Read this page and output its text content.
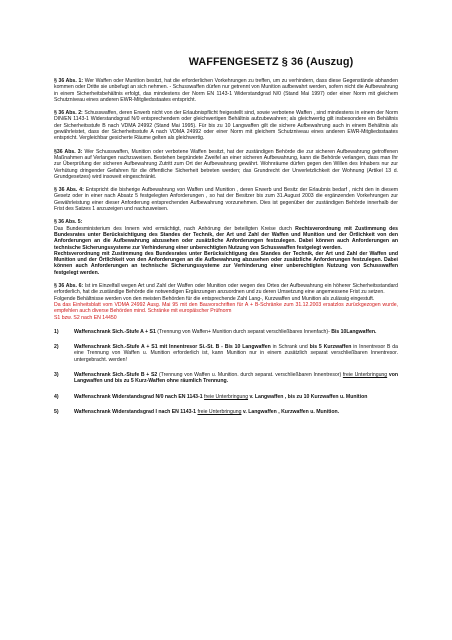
WAFFENGESETZ § 36 (Auszug)

§ 36 Abs. 1: Wer Waffen oder Munition besitzt, hat die erforderlichen Vorkehrungen zu treffen, um zu verhindern, dass diese Gegenstände abhanden kommen oder Dritte sie unbefugt an sich nehmen. - Schusswaffen dürfen nur getrennt von Munition aufbewahrt werden, sofern nicht die Aufbewahrung in einem Sicherheitsbehältnis erfolgt, das mindestens der Norm EN 1143-1 Widerstandgrad N/0 (Stand Mai 1997) oder einer Norm mit gleichem Schutzniveau eines anderen EWR-Mitgliedsstaates entspricht.

§ 36 Abs. 2: Schusswaffen, deren Erwerb nicht von der Erlaubnispflicht freigestellt sind, sowie verbotene Waffen , sind mindestens in einem der Norm DIN/EN 1143-1 Widerstandsgrad N/0 entsprechendem oder gleichwertigen Behältnis aufzubewahren; als gleichwertig gilt insbesondere ein Behältnis der Sicherheitsstufe B nach VDMA 24992 (Stand Mai 1995). Für bis zu 10 Langwaffen gilt die sichere Aufbewahrung auch in einem Behältnis als gewährleistet, dass der Sicherheitsstufe A nach VDMA 24992 oder einer Norm mit gleichem Schutzniveau eines anderen EWR-Mitgliedsstaates entspricht. Vergleichbar gesicherte Räume gelten als gleichwertig.

§36 Abs. 3: Wer Schusswaffen, Munition oder verbotene Waffen besitzt, hat der zuständigen Behörde die zur sicheren Aufbewahrung getroffenen Maßnahmen auf Verlangen nachzuweisen. Bestehen begründete Zweifel an einer sicheren Aufbewahrung, kann die Behörde verlangen, dass man Ihr zur Überprüfung der sicheren Aufbewahrung Zutritt zum Ort der Aufbewahrung gewährt. Wohnräume dürfen gegen den Willen des Inhabers nur zur Verhütung dringender Gefahren für die öffentliche Sicherheit betreten werden; das Grundrecht der Unverletzlichkeit der Wohnung (Artikel 13 d. Grundgesetzes) wird insoweit eingeschränkt.

§ 36 Abs. 4: Entspricht die bisherige Aufbewahrung von Waffen und Munition , deren Erwerb und Besitz der Erlaubnis bedarf , nicht den in diesem Gesetz oder in einer nach Absatz 5 festgelegten Anforderungen , so hat der Besitzer bis zum 31.August 2003 die ergänzenden Vorkehrungen zur Gewährleistung einer dieser Anforderung entsprechenden Aufbewahrung vorzunehmen. Dies ist gegenüber der zuständigen Behörde innerhalb der Frist des Satzes 1 anzuzeigen und nachzuweisen.

§ 36 Abs. 5:
Das Bundesministerium des Innern wird ermächtigt, nach Anhörung der beteiligten Kreise durch Rechtsverordnung mit Zustimmung des Bundesrates unter Berücksichtigung des Standes der Technik, der Art und Zahl der Waffen und Munition und der Örtlichkeit von den Anforderungen an die Aufbewahrung abzusehen oder zusätzliche Anforderungen festzulegen. Dabei können auch Anforderungen an technische Sicherungssysteme zur Verhinderung einer unberechtigten Nutzung von Schusswaffen festgelegt werden.
Rechtsverordnung mit Zustimmung des Bundesrates unter Berücksichtigung des Standes der Technik, der Art und Zahl der Waffen und Munition und der Örtlichkeit von den Anforderungen an die Aufbewahrung abzusehen oder zusätzliche Anforderungen festzulegen. Dabei können auch Anforderungen an technische Sicherungssysteme zur Verhinderung einer unberechtigten Nutzung von Schusswaffen festgelegt werden.

§ 36 Abs. 6: Ist im Einzelfall wegen Art und Zahl der Waffen oder Munition oder wegen des Ortes der Aufbewahrung ein höherer Sicherheitsstandard erforderlich, hat die zuständige Behörde die notwendigen Ergänzungen anzuordnen und zu deren Umsetzung eine angemessene Frist zu setzen.
Folgende Behältnisse werden von den meisten Behörden für die entsprechende Zahl Lang-, Kurzwaffen und Munition als zulässig eingestuft.
Da das Einheitsblatt vom VDMA 24992 Ausg. Mai 95 mit den Bauvorschriften für A + B-Schränke zum 31.12.2003 ersatzlos zurückgezogen wurde, empfehlen auch diverse Behörden mind. Schränke mit europäischer Prüfnorm
S1 bzw. S2 nach EN 14450

1)	Waffenschrank Sich.-Stufe A + S1 (Trennung von Waffen+ Munition durch separat verschließbares Innenfach)- Bis 10Langwaffen.
2)	Waffenschrank Sich.-Stufe A + S1 mit Innentresor Si.-St. B - Bis 10 Langwaffen in Schrank und bis 5 Kurzwaffen in Innentresor B da eine Trennung von Waffen u. Munition erforderlich ist, kann Munition nur in einem zusätzlich separat verschließbaren Innentresor. untergebracht. werden!
3)	Waffenschrank Sich.-Stufe B + S2 (Trennung von Waffen u. Munition. durch separat. verschließbaren Innentresor) freie Unterbringung von Langwaffen und bis zu 5 Kurz-Waffen ohne räumlich Trennung.
4)	Waffenschrank Widerstandsgrad N/0 nach EN 1143-1 freie Unterbringung v. Langwaffen , bis zu 10 Kurzwaffen u. Munition
5)	Waffenschrank Widerstandsgrad I nach EN 1143-1 freie Unterbringung v. Langwaffen , Kurzwaffen u. Munition.
